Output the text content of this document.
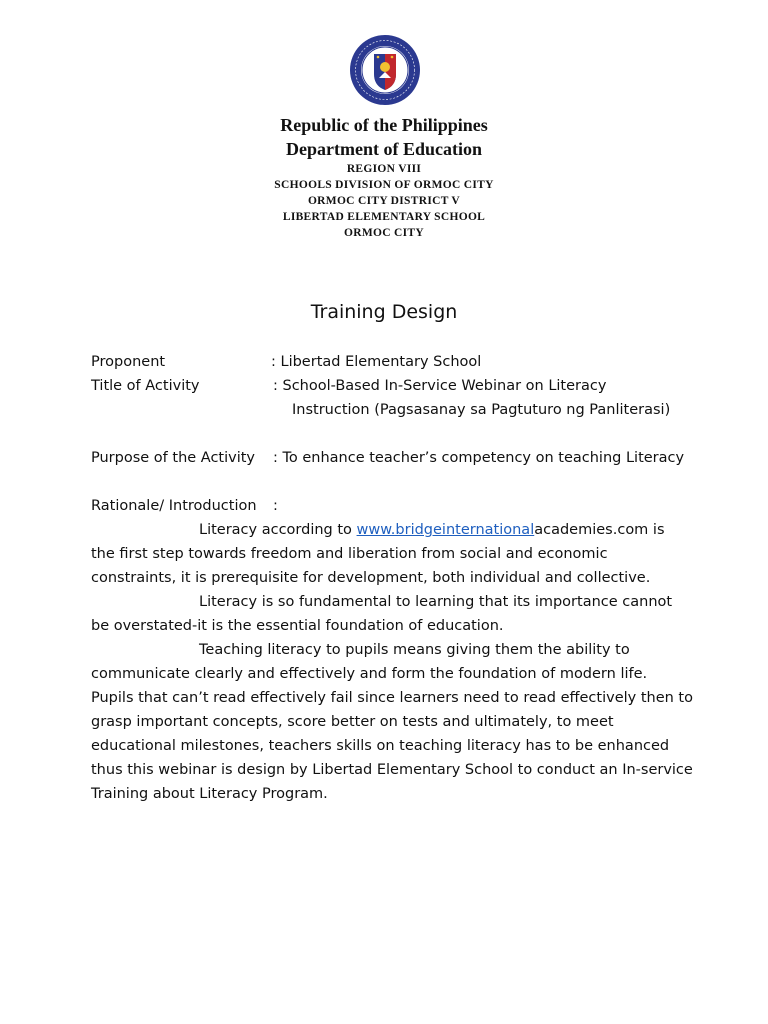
Republic of the Philippines
Department of Education
REGION VIII
SCHOOLS DIVISION OF ORMOC CITY
ORMOC CITY DISTRICT V
LIBERTAD ELEMENTARY SCHOOL
ORMOC CITY
Training Design
Proponent	: Libertad Elementary School
Title of Activity	: School-Based In-Service Webinar on Literacy
Instruction (Pagsasanay sa Pagtuturo ng Panliterasi)
Purpose of the Activity : To enhance teacher’s competency on teaching Literacy
Rationale/ Introduction :
Literacy according to www.bridgeinternationalacademies.com is
the first step towards freedom and liberation from social and economic
constraints, it is prerequisite for development, both individual and collective.
Literacy is so fundamental to learning that its importance cannot
be overstated-it is the essential foundation of education.
Teaching literacy to pupils means giving them the ability to
communicate clearly and effectively and form the foundation of modern life.
Pupils that can’t read effectively fail since learners need to read effectively then to
grasp important concepts, score better on tests and ultimately, to meet
educational milestones, teachers skills on teaching literacy has to be enhanced
thus this webinar is design by Libertad Elementary School to conduct an In-service
Training about Literacy Program.
